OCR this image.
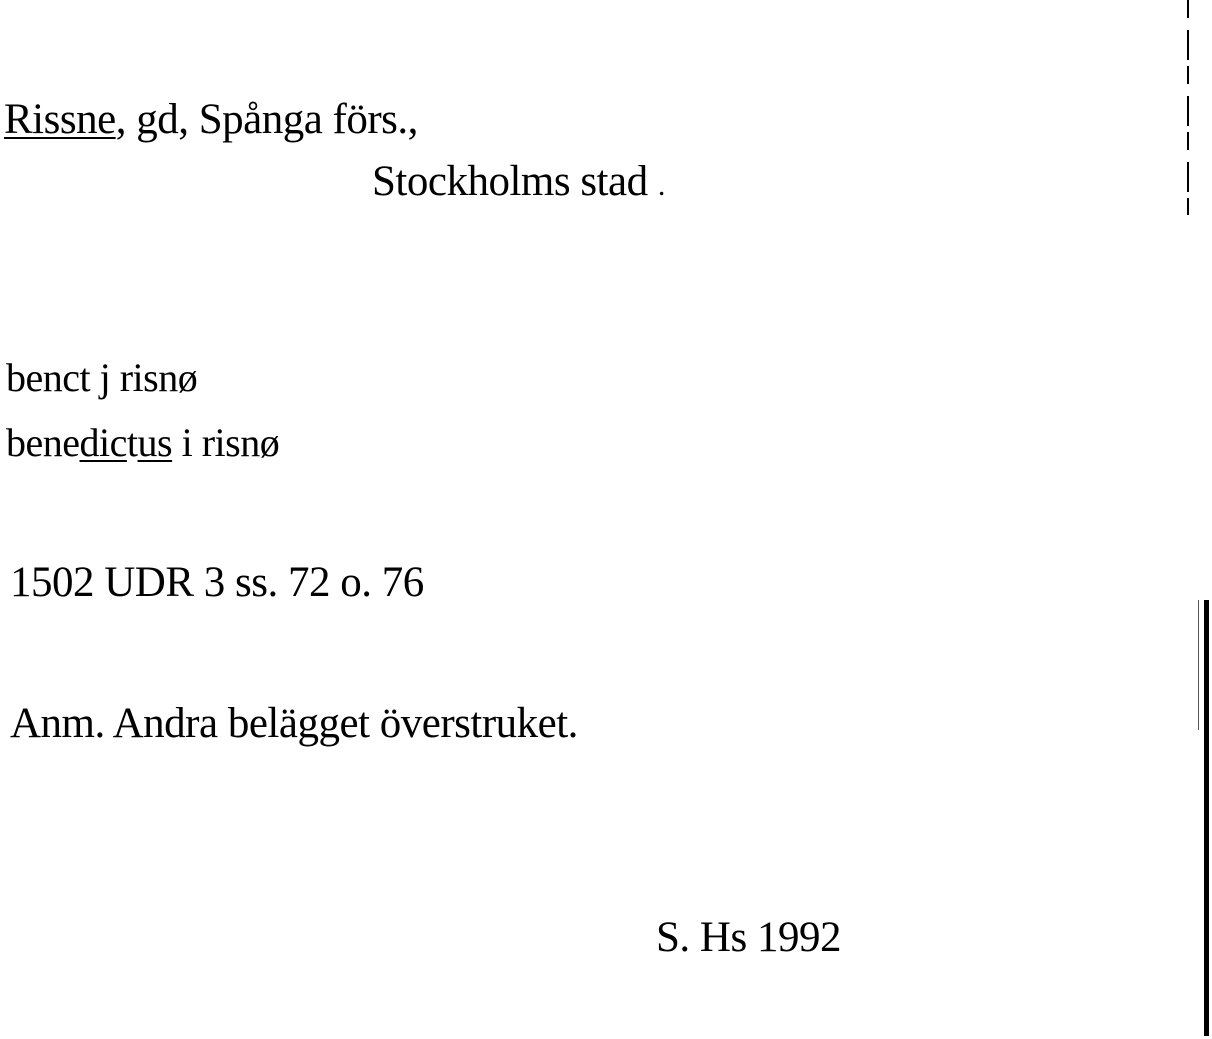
Rissne, gd, Spånga förs.,
Stockholms stad .
benct j risnø
benedictus i risnø
1502 UDR 3 ss. 72 o. 76
Anm. Andra belägget överstruket.
S. Hs 1992
